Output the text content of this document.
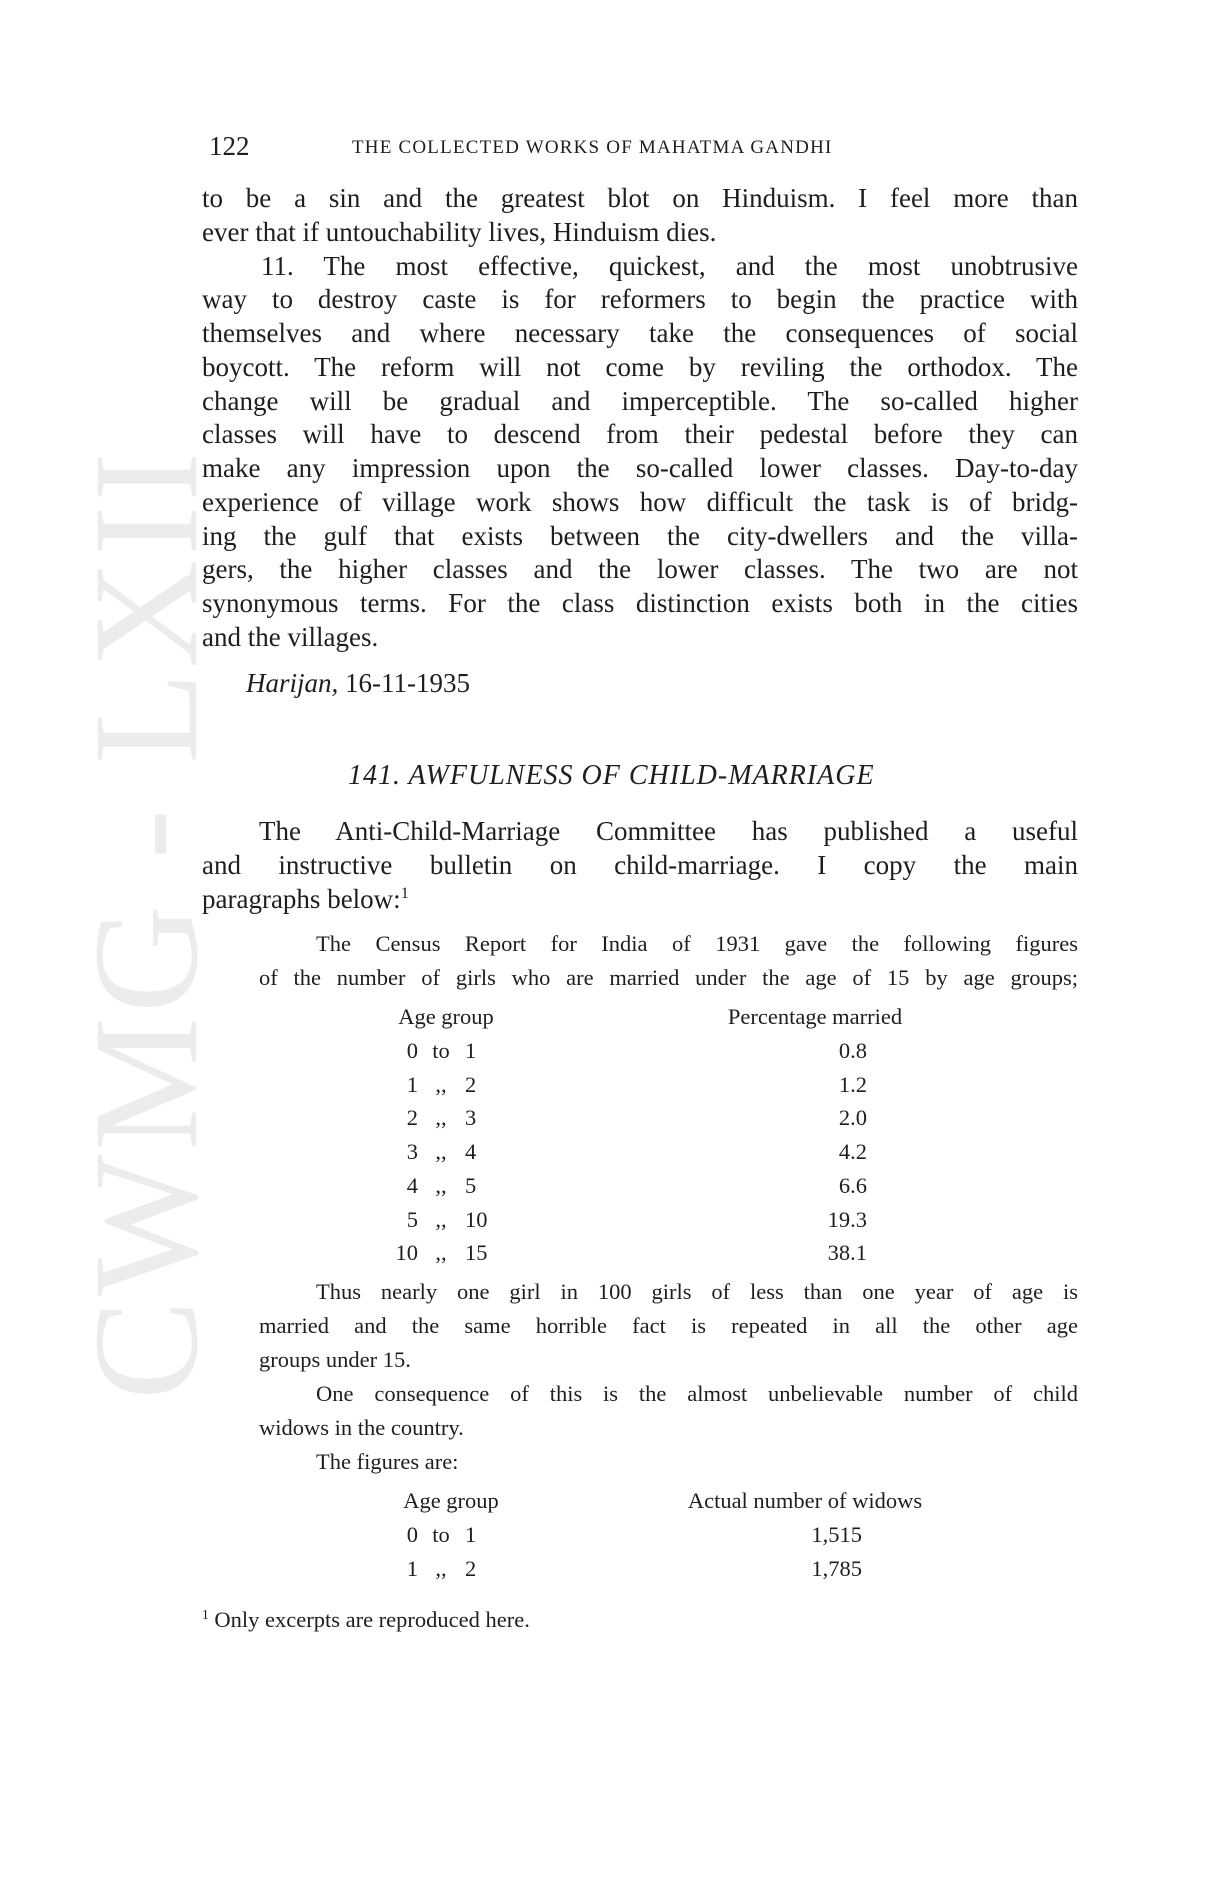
CWMG - LXII
122	THE COLLECTED WORKS OF MAHATMA GANDHI
to be a sin and the greatest blot on Hinduism. I feel more than
ever that if untouchability lives, Hinduism dies.
11. The most effective, quickest, and the most unobtrusive
way to destroy caste is for reformers to begin the practice with
themselves and where necessary take the consequences of social
boycott. The reform will not come by reviling the orthodox. The
change will be gradual and imperceptible. The so-called higher
classes will have to descend from their pedestal before they can
make any impression upon the so-called lower classes. Day-to-day
experience of village work shows how difficult the task is of bridg-
ing the gulf that exists between the city-dwellers and the villa-
gers, the higher classes and the lower classes. The two are not
synonymous terms. For the class distinction exists both in the cities
and the villages.
Harijan, 16-11-1935
141. AWFULNESS OF CHILD-MARRIAGE
The Anti-Child-Marriage Committee has published a useful
and instructive bulletin on child-marriage. I copy the main
paragraphs below:$^1$
The Census Report for India of 1931 gave the following figures
of the number of girls who are married under the age of 15 by age groups;
Age group	Percentage married
0 to 1	0.8
1 ,, 2	1.2
2 ,, 3	2.0
3 ,, 4	4.2
4 ,, 5	6.6
5 ,, 10	19.3
10 ,, 15	38.1
Thus nearly one girl in 100 girls of less than one year of age is
married and the same horrible fact is repeated in all the other age
groups under 15.
One consequence of this is the almost unbelievable number of child
widows in the country.
The figures are:
Age group	Actual number of widows
0 to 1	1,515
1 ,, 2	1,785
$^1$ Only excerpts are reproduced here.
